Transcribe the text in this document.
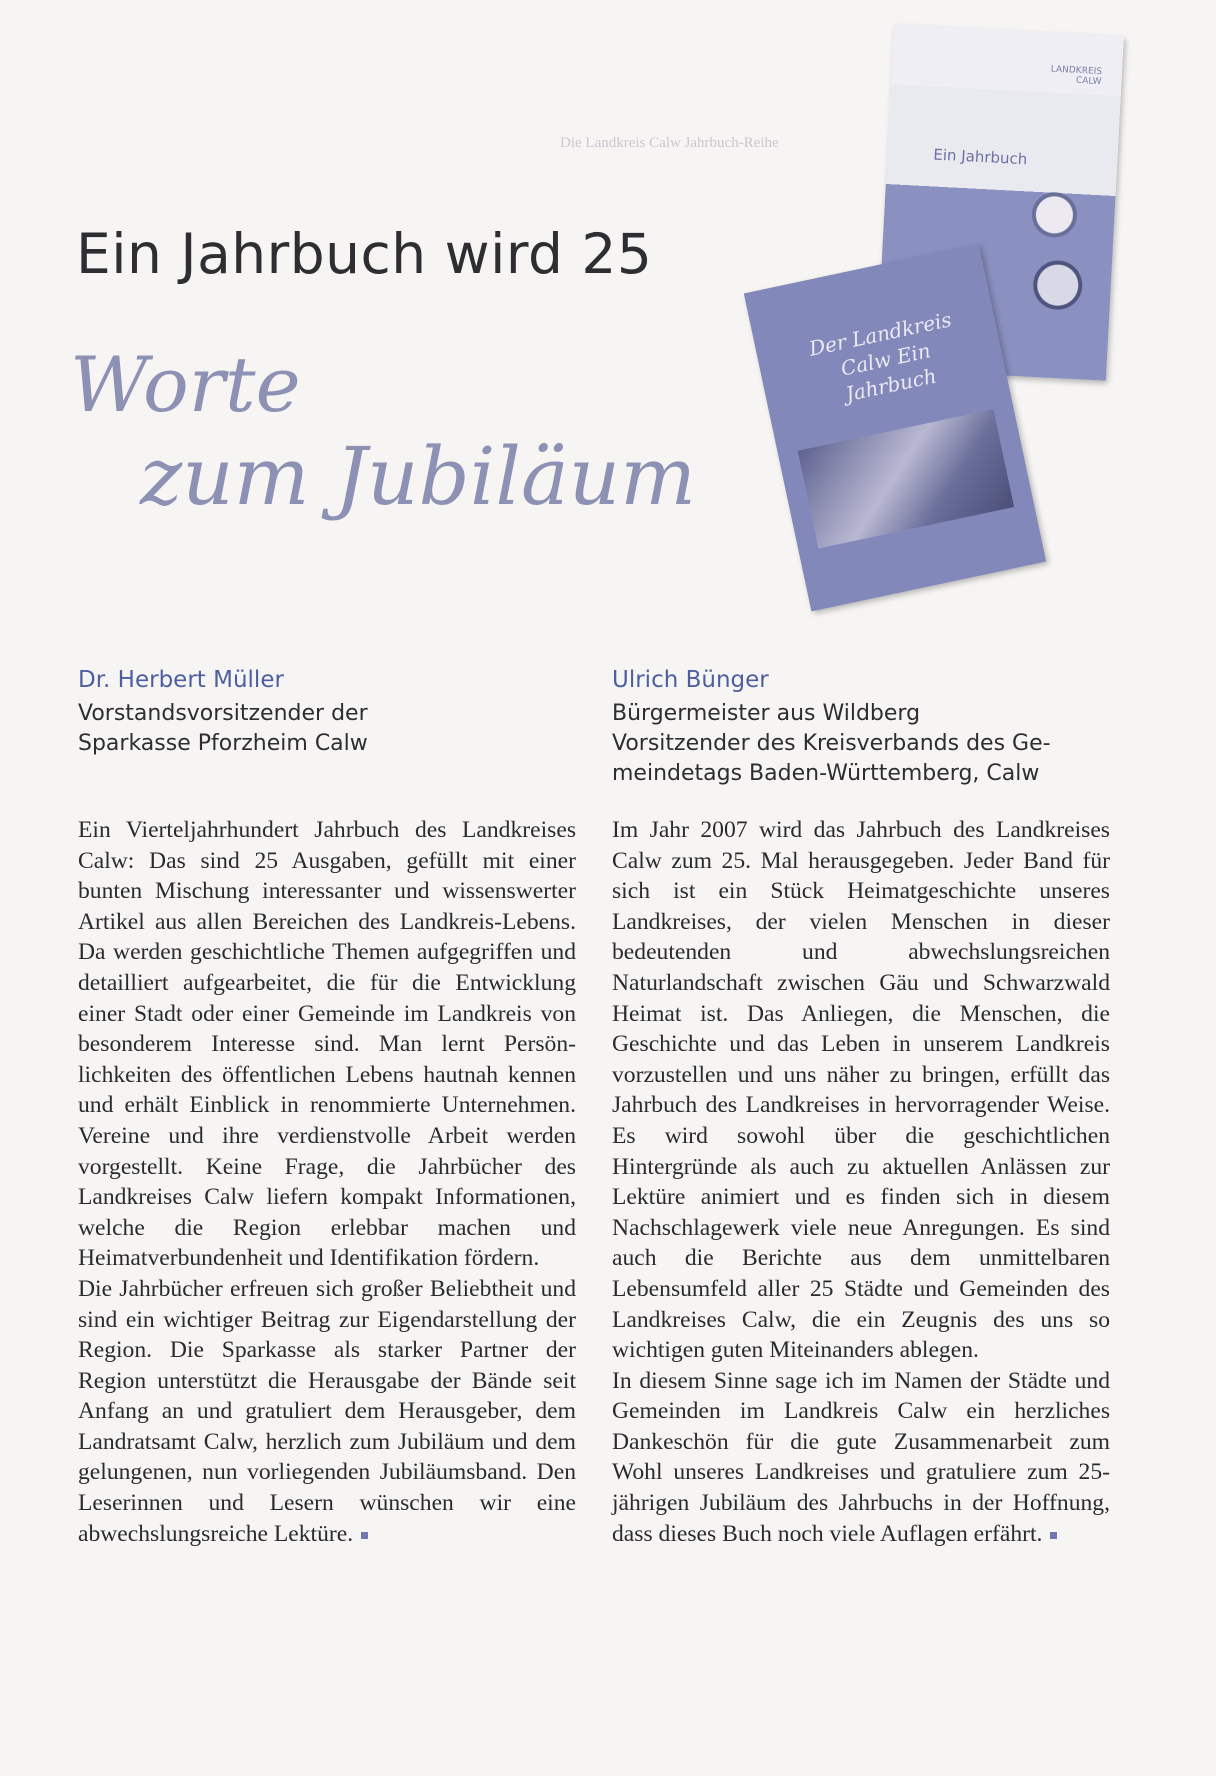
Die Landkreis Calw Jahrbuch-Reihe
LANDKREIS
CALW
Ein Jahrbuch
Der Landkreis Calw Ein Jahrbuch
Ein Jahrbuch wird 25
Worte
zum Jubiläum

Dr. Herbert Müller

Vorstandsvorsitzender der

Sparkasse Pforzheim Calw

Ein Vierteljahrhundert Jahrbuch des Landkreises Calw: Das sind 25 Ausgaben, gefüllt mit einer bunten Mischung interessanter und wissenswerter Artikel aus allen Bereichen des Landkreis-Lebens. Da werden geschichtliche Themen aufgegriffen und detailliert aufgearbeitet, die für die Entwicklung einer Stadt oder einer Gemeinde im Landkreis von besonderem Interesse sind. Man lernt Persönlichkeiten des öffentlichen Lebens hautnah kennen und erhält Einblick in renommierte Unternehmen. Vereine und ihre verdienstvolle Arbeit werden vorgestellt. Keine Frage, die Jahrbücher des Landkreises Calw liefern kompakt Informationen, welche die Region erlebbar machen und Heimatverbundenheit und Identifikation fördern.

Die Jahrbücher erfreuen sich großer Beliebtheit und sind ein wichtiger Beitrag zur Eigendarstellung der Region. Die Sparkasse als starker Partner der Region unterstützt die Herausgabe der Bände seit Anfang an und gratuliert dem Herausgeber, dem Landratsamt Calw, herzlich zum Jubiläum und dem gelungenen, nun vorliegenden Jubiläumsband. Den Leserinnen und Lesern wünschen wir eine abwechslungsreiche Lektüre.

Ulrich Bünger

Bürgermeister aus Wildberg

Vorsitzender des Kreisverbands des Ge-

meindetags Baden-Württemberg, Calw

Im Jahr 2007 wird das Jahrbuch des Landkreises Calw zum 25. Mal herausgegeben. Jeder Band für sich ist ein Stück Heimatgeschichte unseres Landkreises, der vielen Menschen in dieser bedeutenden und abwechslungsreichen Naturlandschaft zwischen Gäu und Schwarzwald Heimat ist. Das Anliegen, die Menschen, die Geschichte und das Leben in unserem Landkreis vorzustellen und uns näher zu bringen, erfüllt das Jahrbuch des Landkreises in hervorragender Weise. Es wird sowohl über die geschichtlichen Hintergründe als auch zu aktuellen Anlässen zur Lektüre animiert und es finden sich in diesem Nachschlagewerk viele neue Anregungen. Es sind auch die Berichte aus dem unmittelbaren Lebensumfeld aller 25 Städte und Gemeinden des Landkreises Calw, die ein Zeugnis des uns so wichtigen guten Miteinanders ablegen.

In diesem Sinne sage ich im Namen der Städte und Gemeinden im Landkreis Calw ein herzliches Dankeschön für die gute Zusammenarbeit zum Wohl unseres Landkreises und gratuliere zum 25-jährigen Jubiläum des Jahrbuchs in der Hoffnung, dass dieses Buch noch viele Auflagen erfährt.
